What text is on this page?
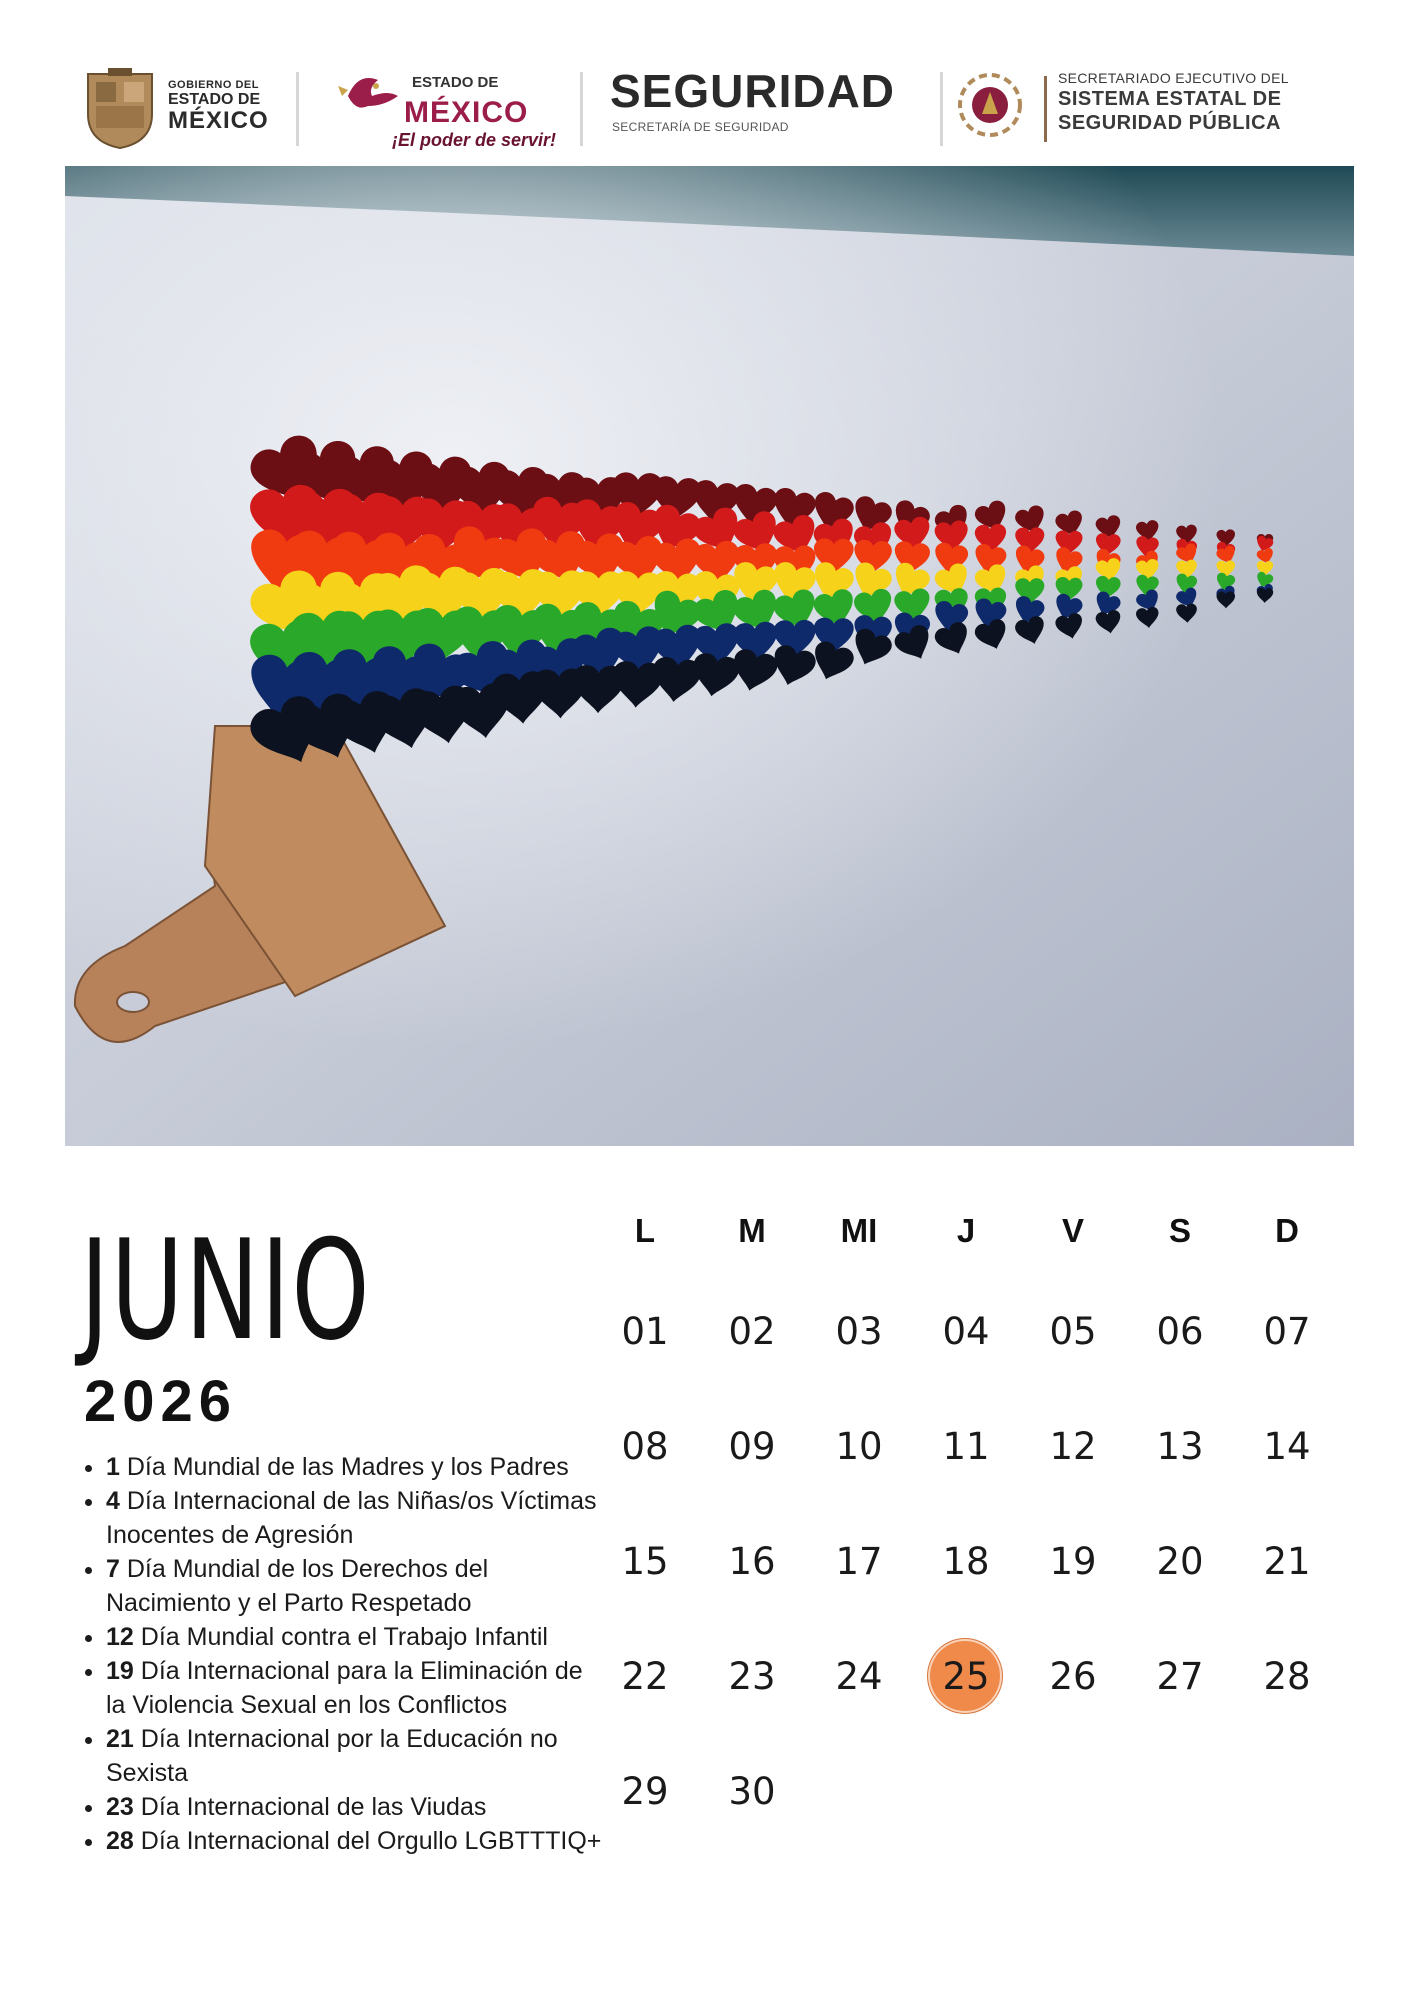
GOBIERNO DEL
ESTADO DE
MÉXICO
ESTADO DE
MÉXICO
¡El poder de servir!
SEGURIDAD
SECRETARÍA DE SEGURIDAD
SECRETARIADO EJECUTIVO DEL
SISTEMA ESTATAL DE
SEGURIDAD PÚBLICA
JUNIO
2026
• 1 Día Mundial de las Madres y los Padres
• 4 Día Internacional de las Niñas/os Víctimas Inocentes de Agresión
• 7 Día Mundial de los Derechos del Nacimiento y el Parto Respetado
• 12 Día Mundial contra el Trabajo Infantil
• 19 Día Internacional para la Eliminación de la Violencia Sexual en los Conflictos
• 21 Día Internacional por la Educación no Sexista
• 23 Día Internacional de las Viudas
• 28 Día Internacional del Orgullo LGBTTTIQ+
L	M	MI	J	V	S	D
01	02	03	04	05	06	07
08	09	10	11	12	13	14
15	16	17	18	19	20	21
22	23	24	25	26	27	28
29	30
